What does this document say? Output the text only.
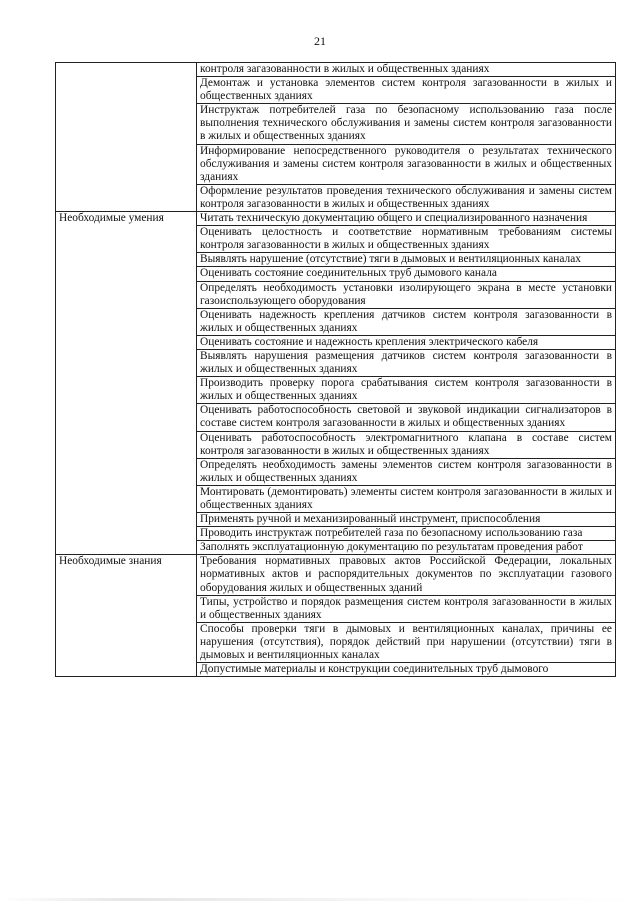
21
	контроля загазованности в жилых и общественных зданиях
	Демонтаж и установка элементов систем контроля загазованности в жилых и общественных зданиях
	Инструктаж потребителей газа по безопасному использованию газа после выполнения технического обслуживания и замены систем контроля загазованности в жилых и общественных зданиях
	Информирование непосредственного руководителя о результатах технического обслуживания и замены систем контроля загазованности в жилых и общественных зданиях
	Оформление результатов проведения технического обслуживания и замены систем контроля загазованности в жилых и общественных зданиях
Необходимые умения	Читать техническую документацию общего и специализированного назначения
	Оценивать целостность и соответствие нормативным требованиям системы контроля загазованности в жилых и общественных зданиях
	Выявлять нарушение (отсутствие) тяги в дымовых и вентиляционных каналах
	Оценивать состояние соединительных труб дымового канала
	Определять необходимость установки изолирующего экрана в месте установки газоиспользующего оборудования
	Оценивать надежность крепления датчиков систем контроля загазованности в жилых и общественных зданиях
	Оценивать состояние и надежность крепления электрического кабеля
	Выявлять нарушения размещения датчиков систем контроля загазованности в жилых и общественных зданиях
	Производить проверку порога срабатывания систем контроля загазованности в жилых и общественных зданиях
	Оценивать работоспособность световой и звуковой индикации сигнализаторов в составе систем контроля загазованности в жилых и общественных зданиях
	Оценивать работоспособность электромагнитного клапана в составе систем контроля загазованности в жилых и общественных зданиях
	Определять необходимость замены элементов систем контроля загазованности в жилых и общественных зданиях
	Монтировать (демонтировать) элементы систем контроля загазованности в жилых и общественных зданиях
	Применять ручной и механизированный инструмент, приспособления
	Проводить инструктаж потребителей газа по безопасному использованию газа
	Заполнять эксплуатационную документацию по результатам проведения работ
Необходимые знания	Требования нормативных правовых актов Российской Федерации, локальных нормативных актов и распорядительных документов по эксплуатации газового оборудования жилых и общественных зданий
	Типы, устройство и порядок размещения систем контроля загазованности в жилых и общественных зданиях
	Способы проверки тяги в дымовых и вентиляционных каналах, причины ее нарушения (отсутствия), порядок действий при нарушении (отсутствии) тяги в дымовых и вентиляционных каналах
	Допустимые материалы и конструкции соединительных труб дымового
